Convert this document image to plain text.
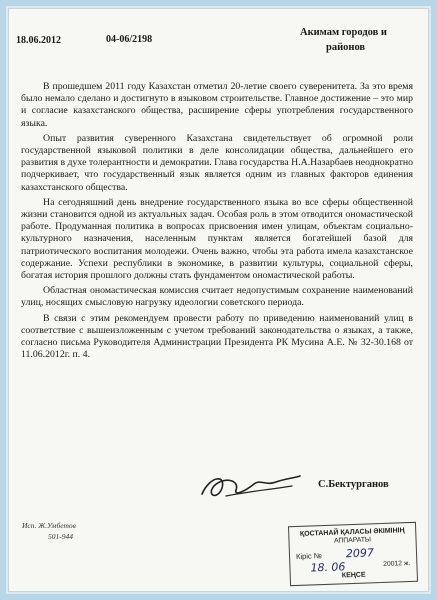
18.06.2012	04-06/2198
Акимам городов и
районов

В прошедшем 2011 году Казахстан отметил 20-летие своего суверенитета. За это время было немало сделано и достигнуто в языковом строительстве. Главное достижение – это мир и согласие казахстанского общества, расширение сферы употребления государственного языка.

Опыт развития суверенного Казахстана свидетельствует об огромной роли государственной языковой политики в деле консолидации общества, дальнейшего его развития в духе толерантности и демократии. Глава государства Н.А.Назарбаев неоднократно подчеркивает, что государственный язык является одним из главных факторов единения казахстанского общества.

На сегодняшний день внедрение государственного языка во все сферы общественной жизни становится одной из актуальных задач. Особая роль в этом отводится ономастической работе. Продуманная политика в вопросах присвоения имен улицам, объектам социально-культурного назначения, населенным пунктам является богатейшей базой для патриотического воспитания молодежи. Очень важно, чтобы эта работа имела казахстанское содержание. Успехи республики в экономике, в развитии культуры, социальной сферы, богатая история прошлого должны стать фундаментом ономастической работы.

Областная ономастическая комиссия считает недопустимым сохранение наименований улиц, носящих смысловую нагрузку идеологии советского периода.

В связи с этим рекомендуем провести работу по приведению наименований улиц в соответствие с вышеизложенным с учетом требований законодательства о языках, а также, согласно письма Руководителя Администрации Президента РК Мусина А.Е. № 32-30.168 от 11.06.2012г. п. 4.

С.Бектурганов
Исп. Ж.Умбетов
501-944	ҚОСТАНАЙ ҚАЛАСЫ ӘКІМІНІҢ
АППАРАТЫ
Кіріс № 2097
18. 06	20012 ж.
КЕҢСЕ
